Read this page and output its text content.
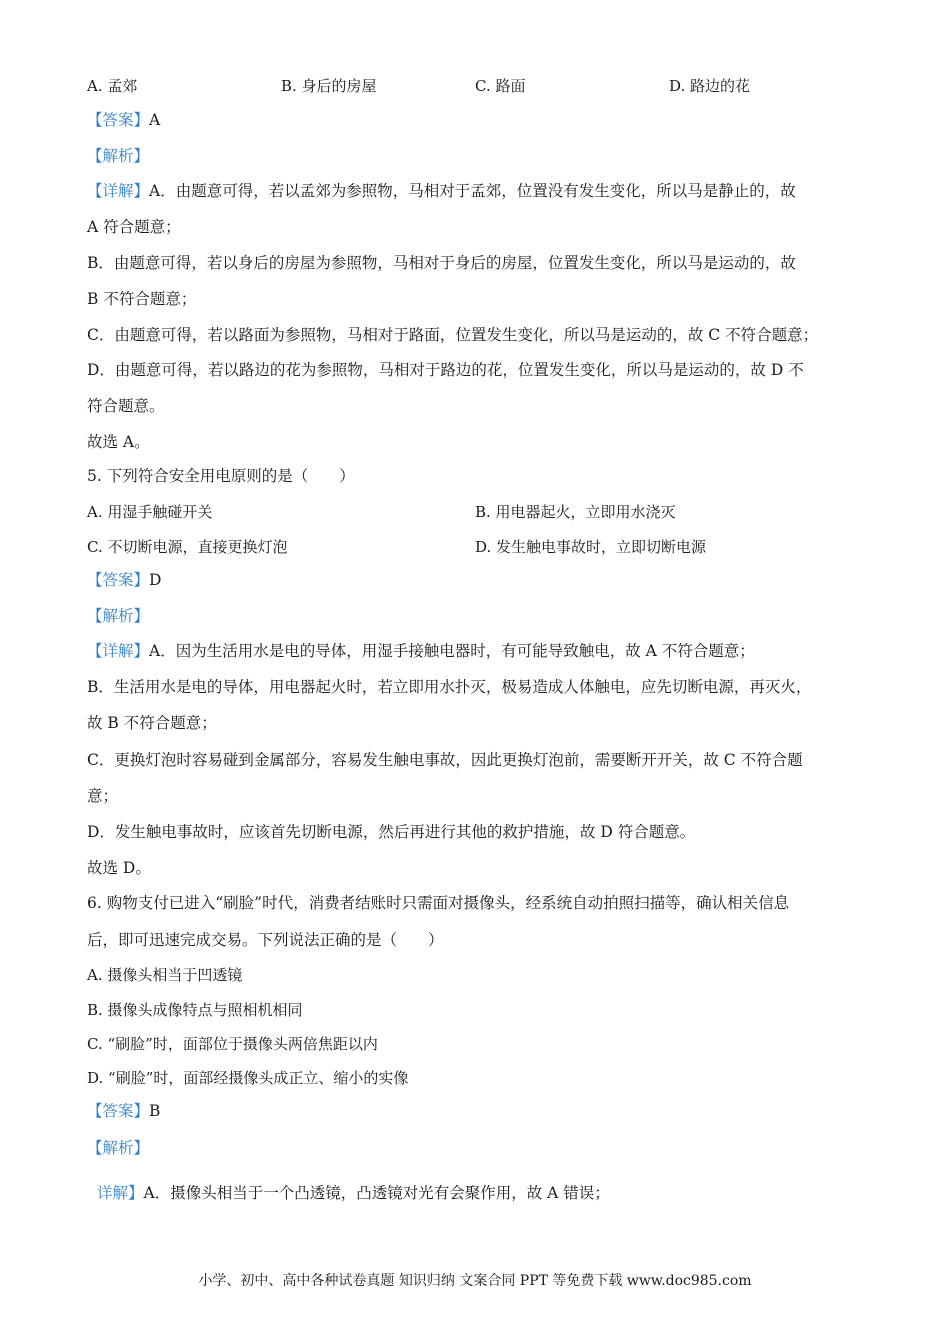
A. 孟郊	B. 身后的房屋	C. 路面	D. 路边的花
【答案】A
【解析】
【详解】A．由题意可得，若以孟郊为参照物，马相对于孟郊，位置没有发生变化，所以马是静止的，故
A 符合题意；
B．由题意可得，若以身后的房屋为参照物，马相对于身后的房屋，位置发生变化，所以马是运动的，故
B 不符合题意；
C．由题意可得，若以路面为参照物，马相对于路面，位置发生变化，所以马是运动的，故 C 不符合题意；
D．由题意可得，若以路边的花为参照物，马相对于路边的花，位置发生变化，所以马是运动的，故 D 不
符合题意。
故选 A。
5. 下列符合安全用电原则的是（　　）
A. 用湿手触碰开关	B. 用电器起火，立即用水浇灭
C. 不切断电源，直接更换灯泡	D. 发生触电事故时，立即切断电源
【答案】D
【解析】
【详解】A．因为生活用水是电的导体，用湿手接触电器时，有可能导致触电，故 A 不符合题意；
B．生活用水是电的导体，用电器起火时，若立即用水扑灭，极易造成人体触电，应先切断电源，再灭火，
故 B 不符合题意；
C．更换灯泡时容易碰到金属部分，容易发生触电事故，因此更换灯泡前，需要断开开关，故 C 不符合题
意；
D．发生触电事故时，应该首先切断电源，然后再进行其他的救护措施，故 D 符合题意。
故选 D。
6. 购物支付已进入“刷脸”时代，消费者结账时只需面对摄像头，经系统自动拍照扫描等，确认相关信息
后，即可迅速完成交易。下列说法正确的是（　　）
A. 摄像头相当于凹透镜
B. 摄像头成像特点与照相机相同
C. “刷脸”时，面部位于摄像头两倍焦距以内
D. “刷脸”时，面部经摄像头成正立、缩小的实像
【答案】B
【解析】
详解】A．摄像头相当于一个凸透镜，凸透镜对光有会聚作用，故 A 错误；
小学、初中、高中各种试卷真题 知识归纳 文案合同 PPT 等免费下载 www.doc985.com
